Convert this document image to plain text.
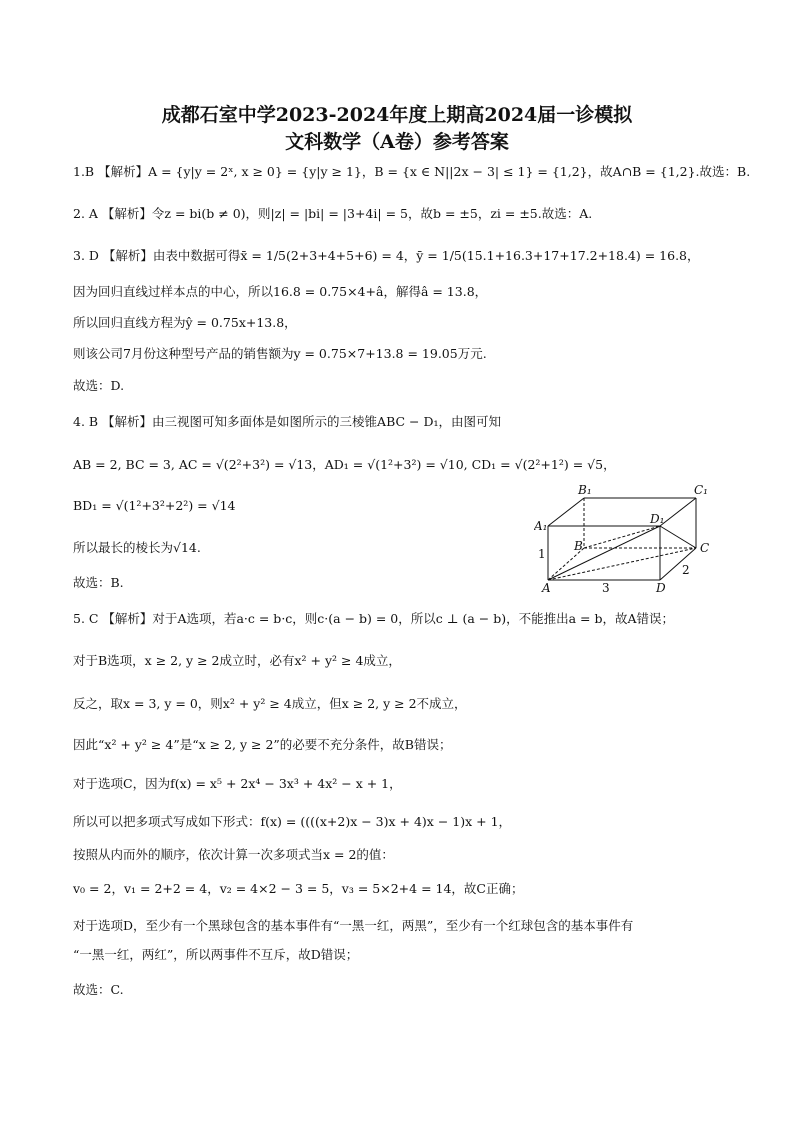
成都石室中学2023-2024年度上期高2024届一诊模拟
文科数学（A卷）参考答案
1.B 【解析】A = {y|y = 2ˣ, x ≥ 0} = {y|y ≥ 1}，B = {x ∈ N||2x − 3| ≤ 1} = {1,2}，故A∩B = {1,2}.故选：B.
2. A 【解析】令z = bi(b ≠ 0)，则|z| = |bi| = |3+4i| = 5，故b = ±5，zi = ±5.故选：A.
3. D 【解析】由表中数据可得x̄ = 1/5(2+3+4+5+6) = 4，ȳ = 1/5(15.1+16.3+17+17.2+18.4) = 16.8，
因为回归直线过样本点的中心，所以16.8 = 0.75×4+â，解得â = 13.8，
所以回归直线方程为ŷ = 0.75x+13.8，
则该公司7月份这种型号产品的销售额为y = 0.75×7+13.8 = 19.05万元.
故选：D.
4. B 【解析】由三视图可知多面体是如图所示的三棱锥ABC − D₁，由图可知
AB = 2, BC = 3, AC = √(2²+3²) = √13，AD₁ = √(1²+3²) = √10, CD₁ = √(2²+1²) = √5，
BD₁ = √(1²+3²+2²) = √14
所以最长的棱长为√14.
故选：B.
5. C 【解析】对于A选项，若a·c = b·c，则c·(a − b) = 0，所以c ⊥ (a − b)，不能推出a = b，故A错误；
对于B选项，x ≥ 2, y ≥ 2成立时，必有x² + y² ≥ 4成立，
反之，取x = 3, y = 0，则x² + y² ≥ 4成立，但x ≥ 2, y ≥ 2不成立，
因此“x² + y² ≥ 4”是“x ≥ 2, y ≥ 2”的必要不充分条件，故B错误；
对于选项C，因为f(x) = x⁵ + 2x⁴ − 3x³ + 4x² − x + 1，
所以可以把多项式写成如下形式：f(x) = ((((x+2)x − 3)x + 4)x − 1)x + 1，
按照从内而外的顺序，依次计算一次多项式当x = 2的值：
v₀ = 2，v₁ = 2+2 = 4，v₂ = 4×2 − 3 = 5，v₃ = 5×2+4 = 14，故C正确；
对于选项D，至少有一个黑球包含的基本事件有“一黑一红，两黑”，至少有一个红球包含的基本事件有
“一黑一红，两红”，所以两事件不互斥，故D错误；
故选：C.
B₁	C₁
A₁	D₁
B	C
1
A	3	D
2
